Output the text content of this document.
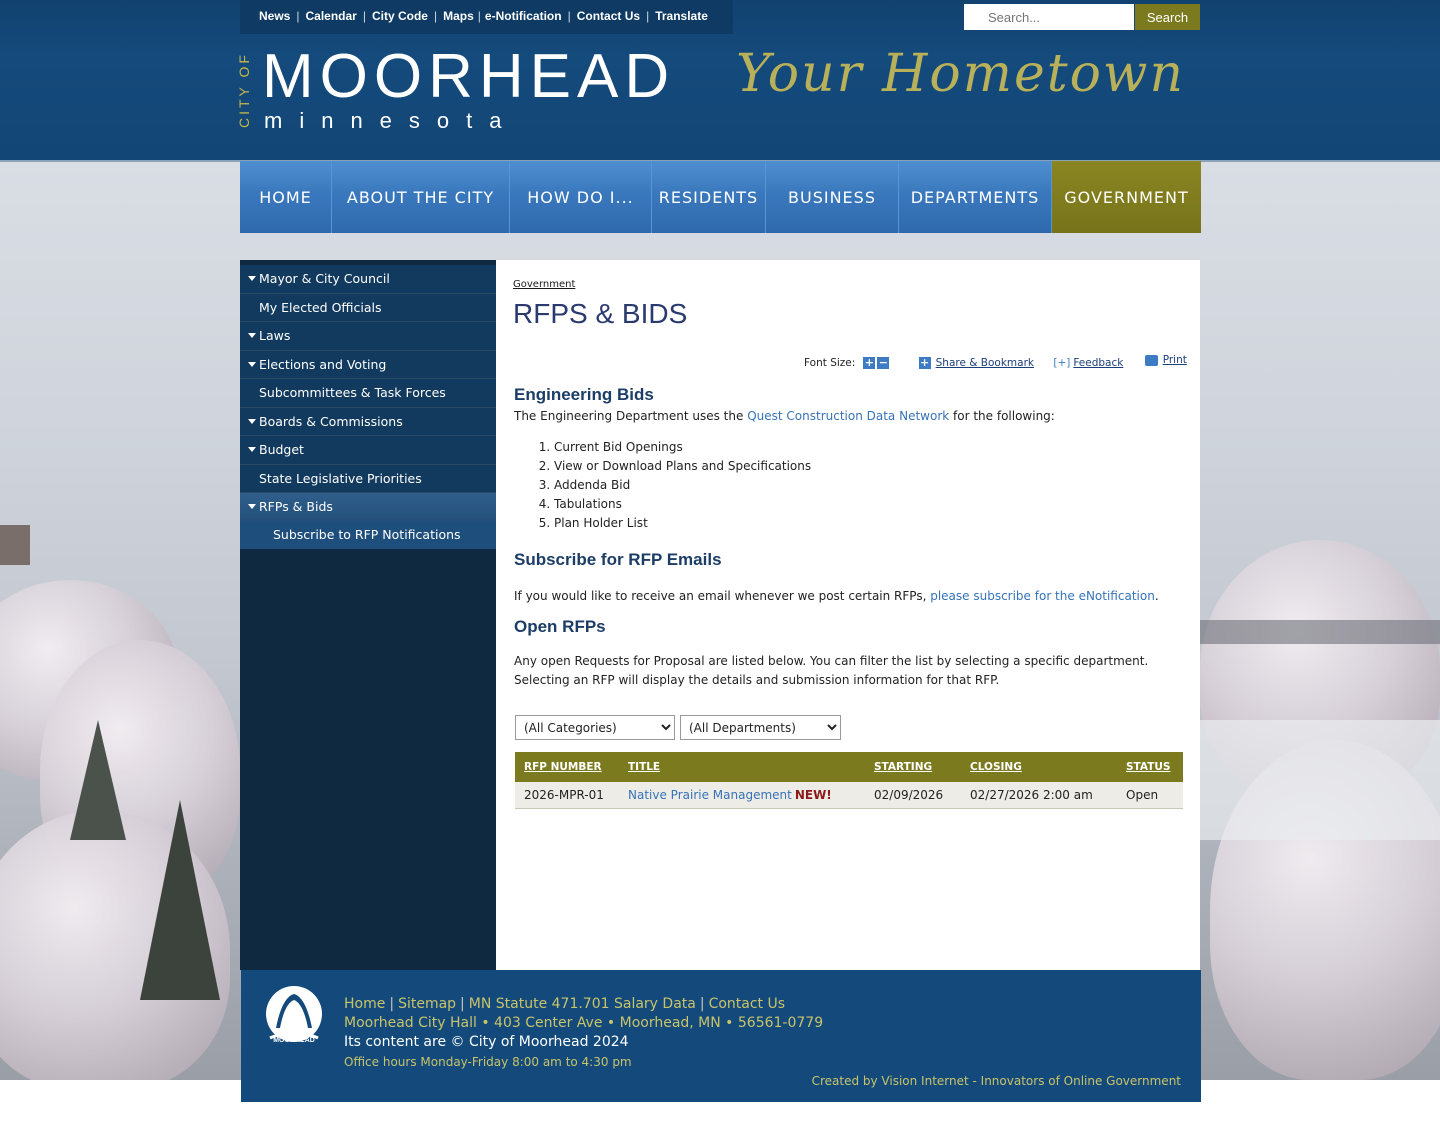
News | Calendar | City Code | Maps | e-Notification | Contact Us | Translate
Search...	Search
CITY OF MOORHEAD
minnesota
Your Hometown
HOME	ABOUT THE CITY	HOW DO I...	RESIDENTS	BUSINESS	DEPARTMENTS	GOVERNMENT
Mayor & City Council
My Elected Officials
Laws
Elections and Voting
Subcommittees & Task Forces
Boards & Commissions
Budget
State Legislative Priorities
RFPs & Bids
Subscribe to RFP Notifications
Government
RFPS & BIDS
Font Size: + −
	+ Share & Bookmark
[+] Feedback
	Print
Engineering Bids

The Engineering Department uses the Quest Construction Data Network for the following:

1. Current Bid Openings
2. View or Download Plans and Specifications
3. Addenda Bid
4. Tabulations
5. Plan Holder List
Subscribe for RFP Emails

If you would like to receive an email whenever we post certain RFPs, please subscribe for the eNotification.

Open RFPs

Any open Requests for Proposal are listed below. You can filter the list by selecting a specific department.

Selecting an RFP will display the details and submission information for that RFP.

(All Categories)
(All Departments)
RFP NUMBER	TITLE	STARTING	CLOSING	STATUS
2026-MPR-01	Native Prairie Management NEW!	02/09/2026	02/27/2026 2:00 am	Open
MOORHEAD
Home | Sitemap | MN Statute 471.701 Salary Data | Contact Us
Moorhead City Hall • 403 Center Ave • Moorhead, MN • 56561-0779
Its content are © City of Moorhead 2024
Office hours Monday-Friday 8:00 am to 4:30 pm
Created by Vision Internet - Innovators of Online Government
